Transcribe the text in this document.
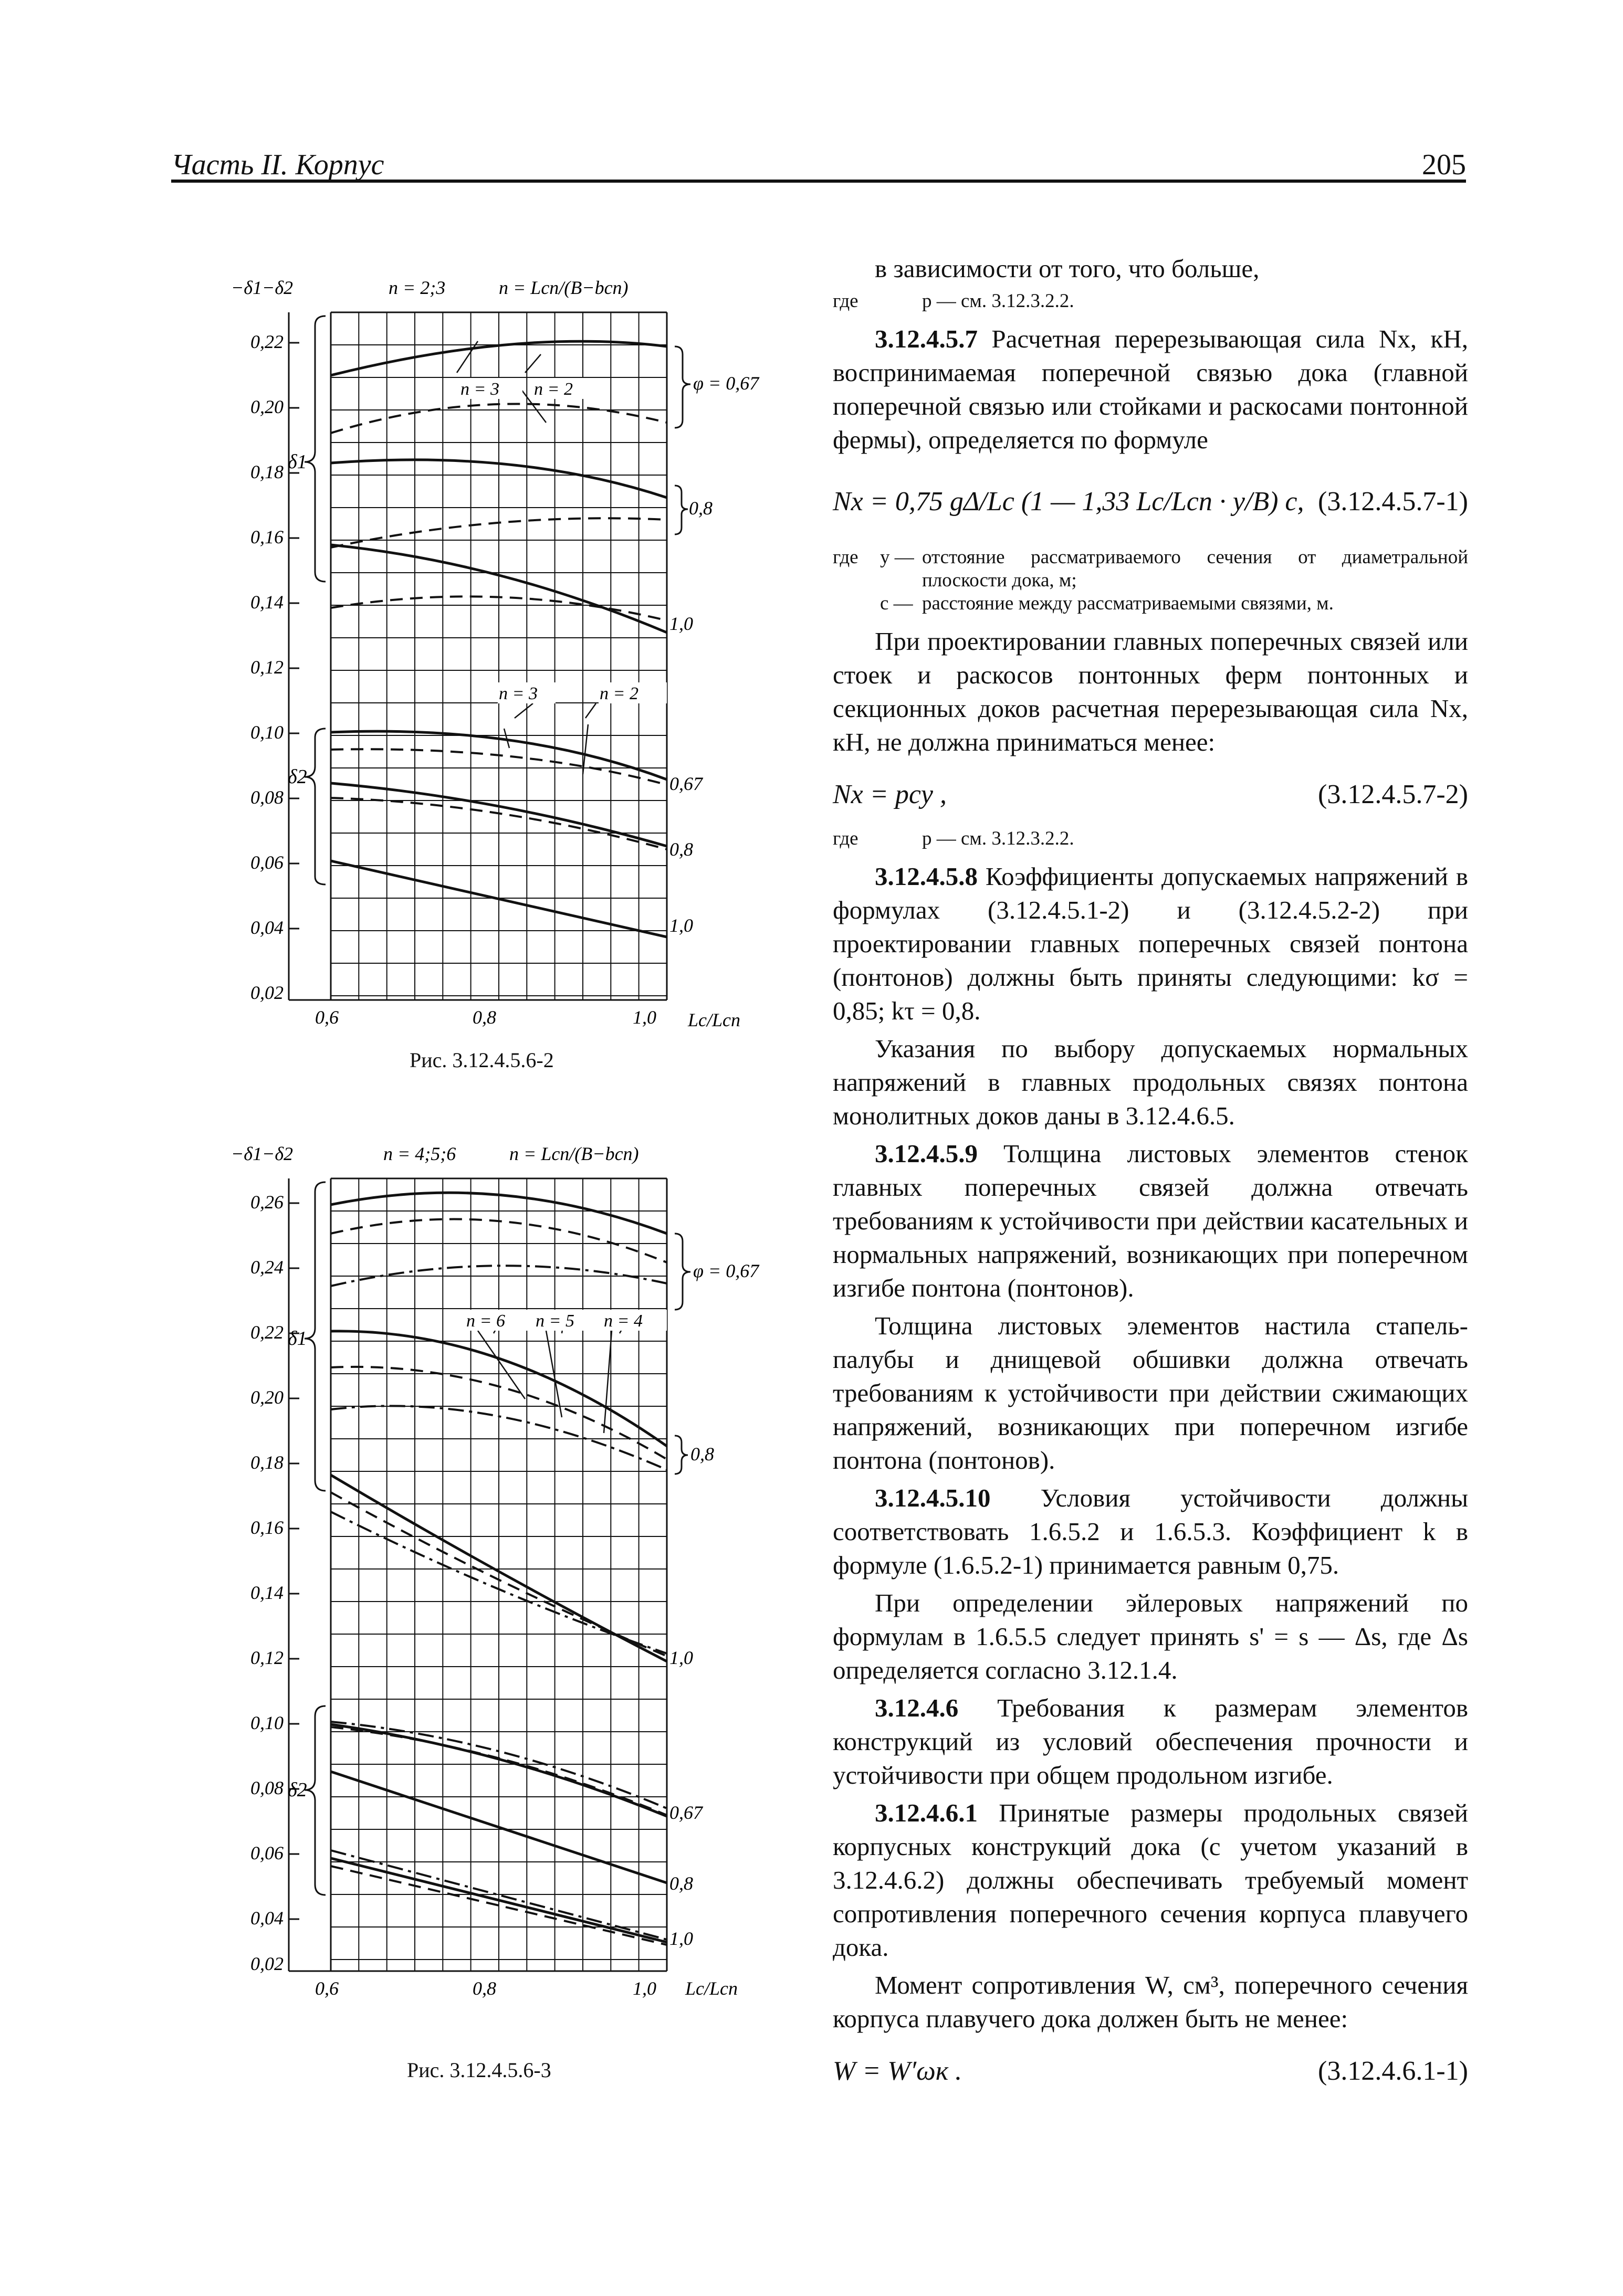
Часть II. Корпус	205
−δ1−δ2	n = 2;3	n = Lсп/(B−bсп)
0,22
0,20
0,18
0,16
0,14
0,12
0,10
0,08
0,06
0,04
0,02
0,6	0,8	1,0 Lc/Lсп
δ1
δ2
n = 3 n = 2
n = 3	n = 2
φ = 0,67
0,8
1,0
0,67
0,8
1,0
Рис. 3.12.4.5.6-2
−δ1−δ2	n = 4;5;6	n = Lсп/(B−bсп)
0,26
0,24
0,22
0,20
0,18
0,16
0,14
0,12
0,10
0,08
0,06
0,04
0,02
0,6	0,8	1,0 Lc/Lсп
δ1
δ2
n = 6 n = 5 n = 4
φ = 0,67
0,8
1,0
0,67
0,8
1,0
Рис. 3.12.4.5.6-3

в зависимости от того, что больше,

где	p — см. 3.12.3.2.2.

3.12.4.5.7 Расчетная перерезывающая сила Nx, кН, воспринимаемая поперечной связью дока (главной поперечной связью или стойками и раскосами понтонной фермы), определяется по формуле

Nx = 0,75 gΔ/Lc (1 — 1,33 Lc/Lсп · y/B) c, (3.12.4.5.7-1)
где	y — отстояние рассматриваемого сечения от диаметральной плоскости дока, м;
c — расстояние между рассматриваемыми связями, м.

При проектировании главных поперечных связей или стоек и раскосов понтонных ферм понтонных и секционных доков расчетная перерезывающая сила Nx, кН, не должна приниматься менее:

Nx = pcy ,	(3.12.4.5.7-2)
где	p — см. 3.12.3.2.2.

3.12.4.5.8 Коэффициенты допускаемых напряжений в формулах (3.12.4.5.1-2) и (3.12.4.5.2-2) при проектировании главных поперечных связей понтона (понтонов) должны быть приняты следующими: kσ = 0,85; kτ = 0,8.

Указания по выбору допускаемых нормальных напряжений в главных продольных связях понтона монолитных доков даны в 3.12.4.6.5.

3.12.4.5.9 Толщина листовых элементов стенок главных поперечных связей должна отвечать требованиям к устойчивости при действии касательных и нормальных напряжений, возникающих при поперечном изгибе понтона (понтонов).

Толщина листовых элементов настила стапель-палубы и днищевой обшивки должна отвечать требованиям к устойчивости при действии сжимающих напряжений, возникающих при поперечном изгибе понтона (понтонов).

3.12.4.5.10 Условия устойчивости должны соответствовать 1.6.5.2 и 1.6.5.3. Коэффициент k в формуле (1.6.5.2-1) принимается равным 0,75.

При определении эйлеровых напряжений по формулам в 1.6.5.5 следует принять s' = s — Δs, где Δs определяется согласно 3.12.1.4.

3.12.4.6 Требования к размерам элементов конструкций из условий обеспечения прочности и устойчивости при общем продольном изгибе.

3.12.4.6.1 Принятые размеры продольных связей корпусных конструкций дока (с учетом указаний в 3.12.4.6.2) должны обеспечивать требуемый момент сопротивления поперечного сечения корпуса плавучего дока.

Момент сопротивления W, см³, поперечного сечения корпуса плавучего дока должен быть не менее:

W = W′ωк .	(3.12.4.6.1-1)
